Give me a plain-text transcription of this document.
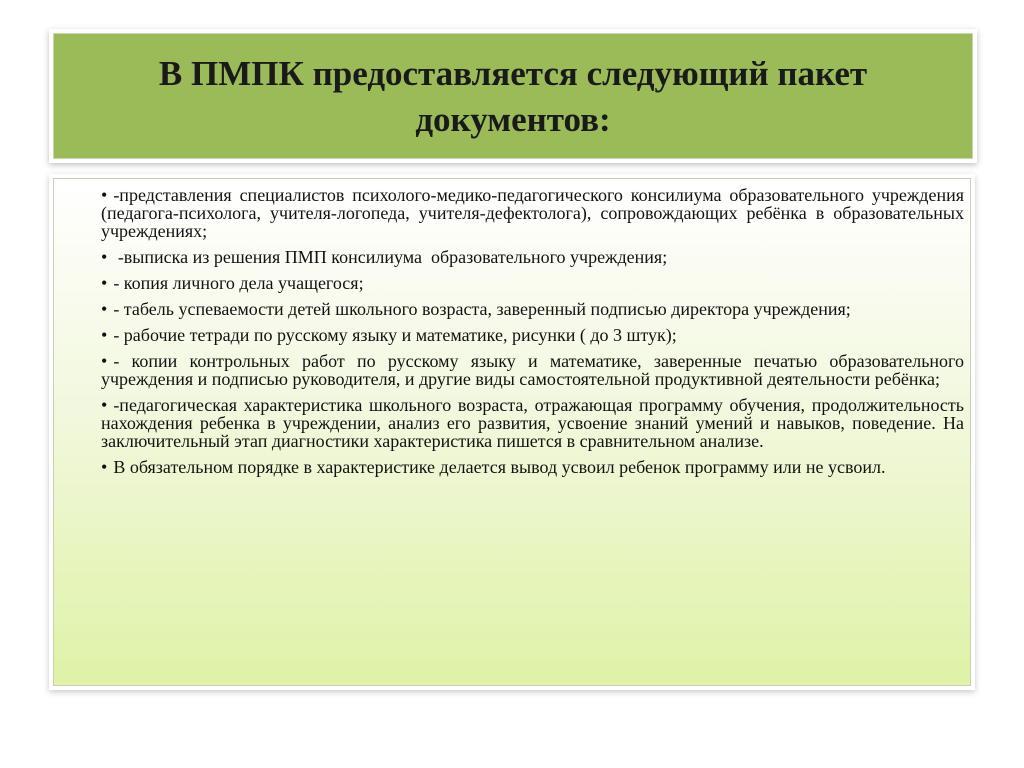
В ПМПК предоставляется следующий пакет документов:
• -представления специалистов психолого-медико-педагогического консилиума образовательного учреждения (педагога-психолога, учителя-логопеда, учителя-дефектолога), сопровождающих ребёнка в образовательных учреждениях;
• -выписка из решения ПМП консилиума  образовательного учреждения;
• - копия личного дела учащегося;
• - табель успеваемости детей школьного возраста, заверенный подписью директора учреждения;
• - рабочие тетради по русскому языку и математике, рисунки ( до 3 штук);
• - копии контрольных работ по русскому языку и математике, заверенные печатью образовательного учреждения и подписью руководителя, и другие виды самостоятельной продуктивной деятельности ребёнка;
• -педагогическая характеристика школьного возраста, отражающая программу обучения, продолжительность нахождения ребенка в учреждении, анализ его развития, усвоение знаний умений и навыков, поведение. На заключительный этап диагностики характеристика пишется в сравнительном анализе.
• В обязательном порядке в характеристике делается вывод усвоил ребенок программу или не усвоил.
